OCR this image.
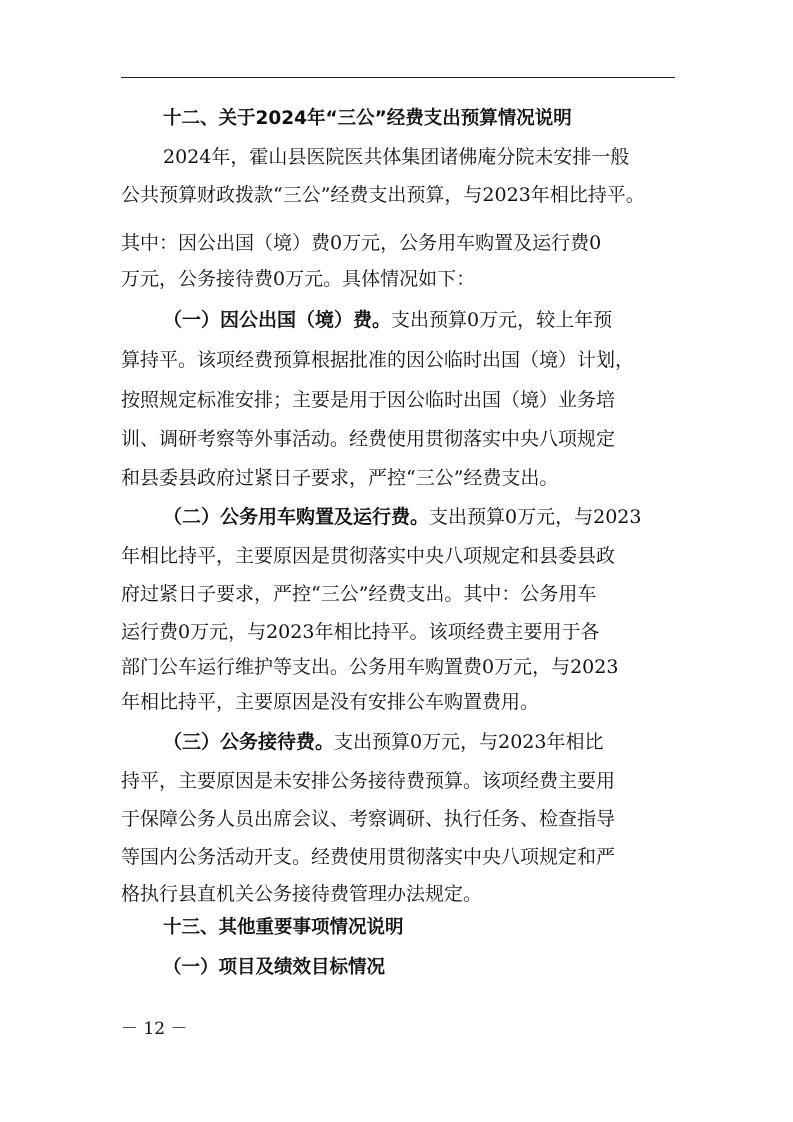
十二、关于2024年“三公”经费支出预算情况说明
2024年，霍山县医院医共体集团诸佛庵分院未安排一般
公共预算财政拨款“三公”经费支出预算，与2023年相比持平。
其中：因公出国（境）费0万元，公务用车购置及运行费0
万元，公务接待费0万元。具体情况如下：
（一）因公出国（境）费。支出预算0万元，较上年预
算持平。该项经费预算根据批准的因公临时出国（境）计划，
按照规定标准安排；主要是用于因公临时出国（境）业务培
训、调研考察等外事活动。经费使用贯彻落实中央八项规定
和县委县政府过紧日子要求，严控“三公”经费支出。
（二）公务用车购置及运行费。支出预算0万元，与2023
年相比持平，主要原因是贯彻落实中央八项规定和县委县政
府过紧日子要求，严控“三公”经费支出。其中：公务用车
运行费0万元，与2023年相比持平。该项经费主要用于各
部门公车运行维护等支出。公务用车购置费0万元，与2023
年相比持平，主要原因是没有安排公车购置费用。
（三）公务接待费。支出预算0万元，与2023年相比
持平，主要原因是未安排公务接待费预算。该项经费主要用
于保障公务人员出席会议、考察调研、执行任务、检查指导
等国内公务活动开支。经费使用贯彻落实中央八项规定和严
格执行县直机关公务接待费管理办法规定。
十三、其他重要事项情况说明
（一）项目及绩效目标情况
－ 12 －
